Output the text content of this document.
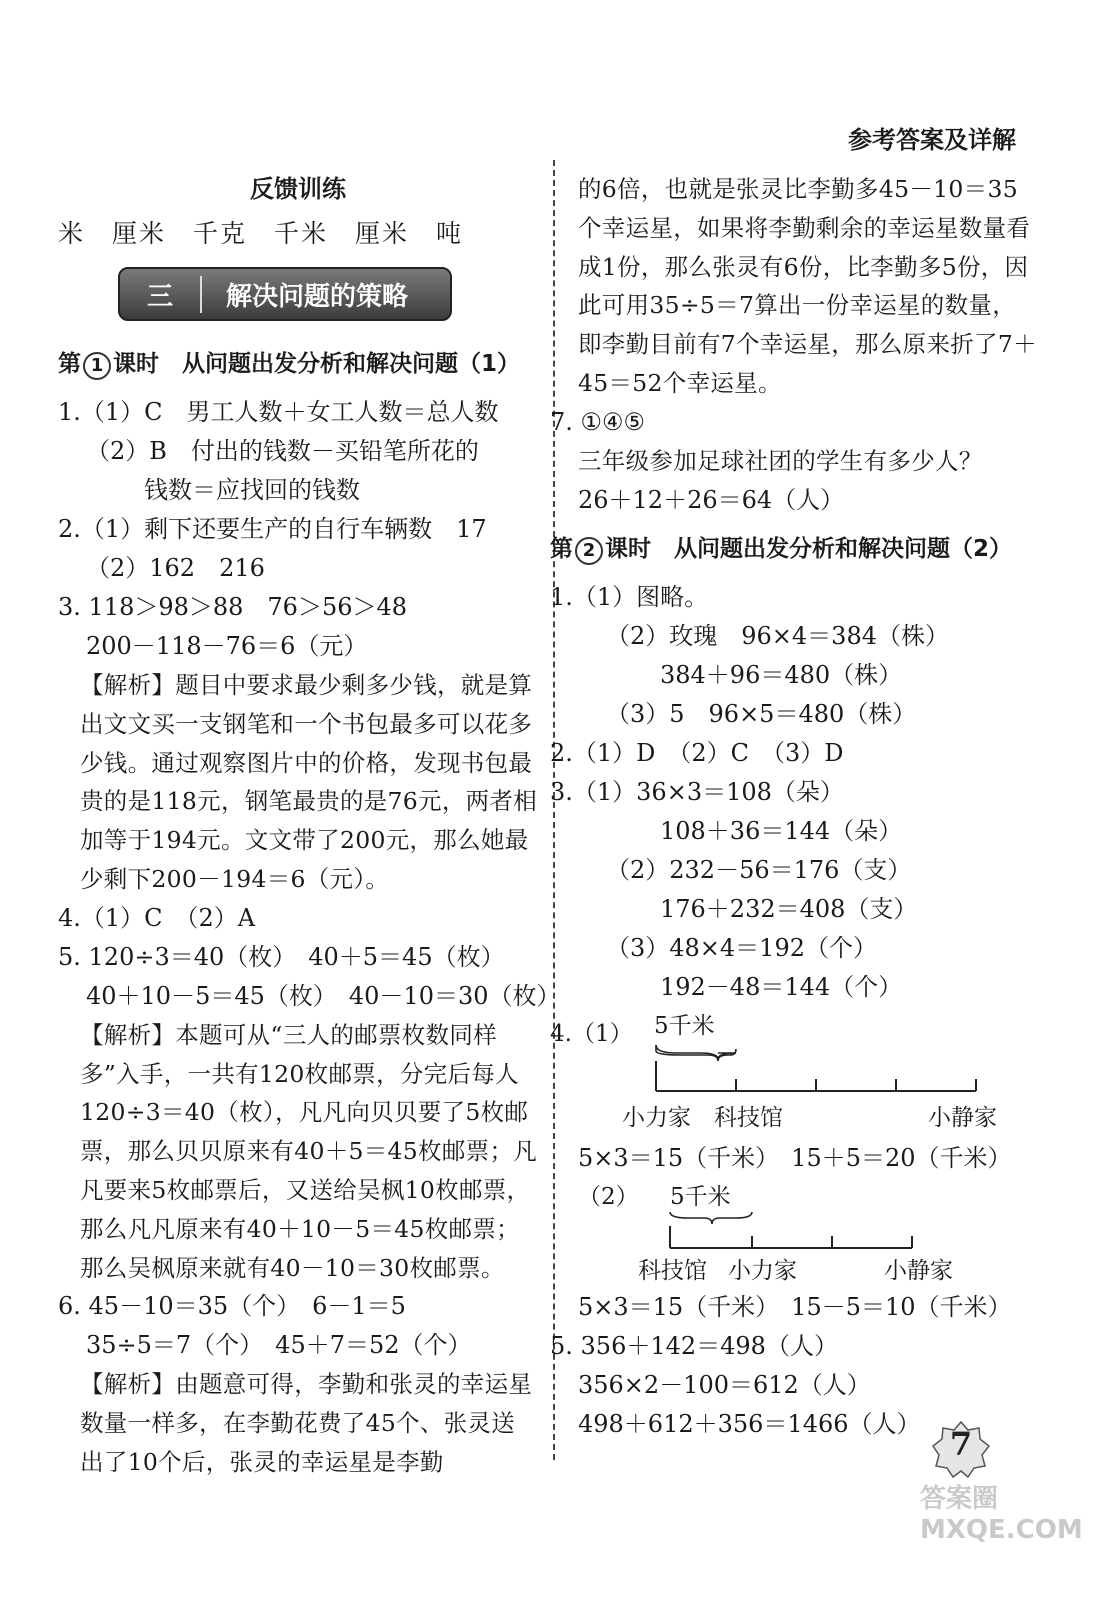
参考答案及详解
反馈训练
米　厘米　千克　千米　厘米　吨
三	解决问题的策略
第 1 课时　从问题出发分析和解决问题（1）
1.（1）C　男工人数＋女工人数＝总人数
（2）B　付出的钱数－买铅笔所花的
钱数＝应找回的钱数
2.（1）剩下还要生产的自行车辆数　17
（2）162　216
3. 118＞98＞88　76＞56＞48
200－118－76＝6（元）
【解析】题目中要求最少剩多少钱，就是算出文文买一支钢笔和一个书包最多可以花多少钱。通过观察图片中的价格，发现书包最贵的是118元，钢笔最贵的是76元，两者相加等于194元。文文带了200元，那么她最少剩下200－194＝6（元）。
4.（1）C　（2）A
5. 120÷3＝40（枚）　40＋5＝45（枚）
40＋10－5＝45（枚）　40－10＝30（枚）
【解析】本题可从“三人的邮票枚数同样多”入手，一共有120枚邮票，分完后每人120÷3＝40（枚），凡凡向贝贝要了5枚邮票，那么贝贝原来有40＋5＝45枚邮票；凡凡要来5枚邮票后，又送给吴枫10枚邮票，那么凡凡原来有40＋10－5＝45枚邮票；那么吴枫原来就有40－10＝30枚邮票。
6. 45－10＝35（个）　6－1＝5
35÷5＝7（个）　45＋7＝52（个）
【解析】由题意可得，李勤和张灵的幸运星数量一样多，在李勤花费了45个、张灵送出了10个后，张灵的幸运星是李勤
的6倍，也就是张灵比李勤多45－10＝35个幸运星，如果将李勤剩余的幸运星数量看成1份，那么张灵有6份，比李勤多5份，因此可用35÷5＝7算出一份幸运星的数量，即李勤目前有7个幸运星，那么原来折了7＋45＝52个幸运星。
7. ①④⑤
三年级参加足球社团的学生有多少人？
26＋12＋26＝64（人）
第 2 课时　从问题出发分析和解决问题（2）
1.（1）图略。
（2）玫瑰　96×4＝384（株）
384＋96＝480（株）
（3）5　96×5＝480（株）
2.（1）D　（2）C　（3）D
3.（1）36×3＝108（朵）
108＋36＝144（朵）
（2）232－56＝176（支）
176＋232＝408（支）
（3）48×4＝192（个）
192－48＝144（个）
4.（1） 5千米
小力家 科技馆	小静家
5×3＝15（千米）　15＋5＝20（千米）
（2） 5千米
科技馆 小力家	小静家
5×3＝15（千米）　15－5＝10（千米）
5. 356＋142＝498（人）
356×2－100＝612（人）
498＋612＋356＝1466（人）
7
答案圈 MXQE.COM
